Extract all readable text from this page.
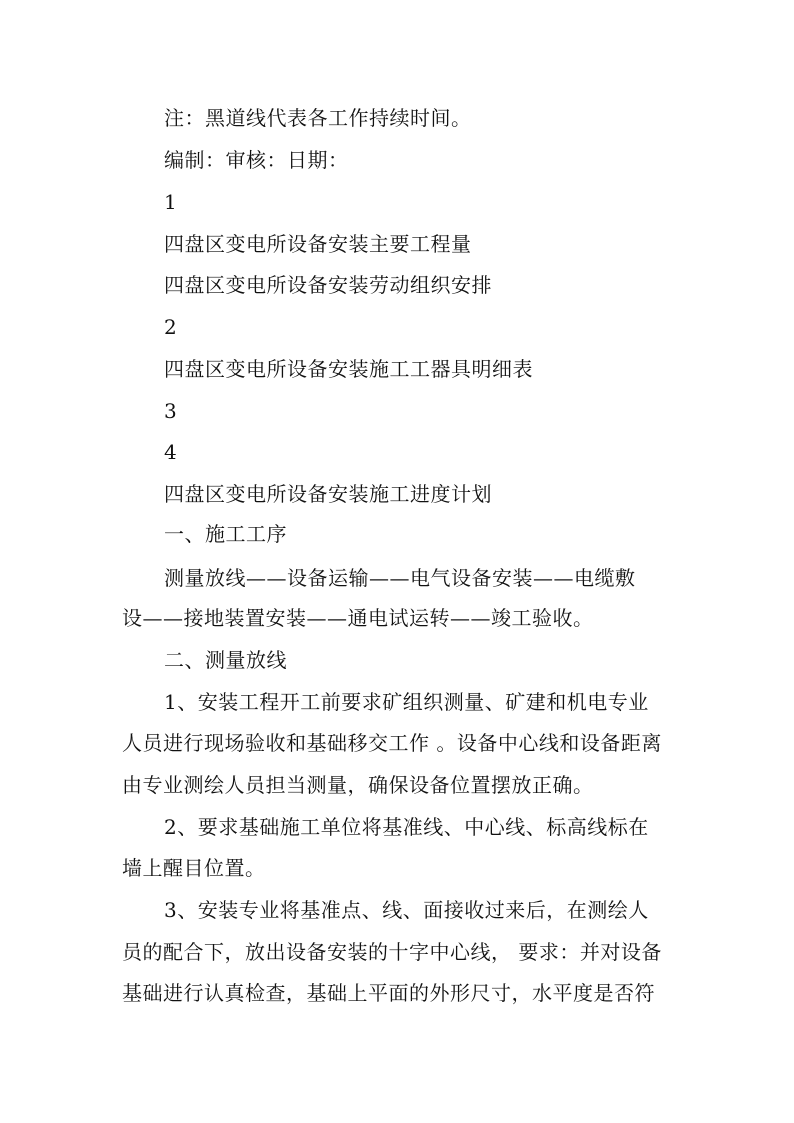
注：黑道线代表各工作持续时间。
编制：审核：日期：
1
四盘区变电所设备安装主要工程量
四盘区变电所设备安装劳动组织安排
2
四盘区变电所设备安装施工工器具明细表
3
4
四盘区变电所设备安装施工进度计划
一、施工工序
测量放线——设备运输——电气设备安装——电缆敷
设——接地装置安装——通电试运转——竣工验收。
二、测量放线
1、安装工程开工前要求矿组织测量、矿建和机电专业
人员进行现场验收和基础移交工作 。设备中心线和设备距离
由专业测绘人员担当测量，确保设备位置摆放正确。
2、要求基础施工单位将基准线、中心线、标高线标在
墙上醒目位置。
3、安装专业将基准点、线、面接收过来后，在测绘人
员的配合下，放出设备安装的十字中心线， 要求：并对设备
基础进行认真检查，基础上平面的外形尺寸，水平度是否符
